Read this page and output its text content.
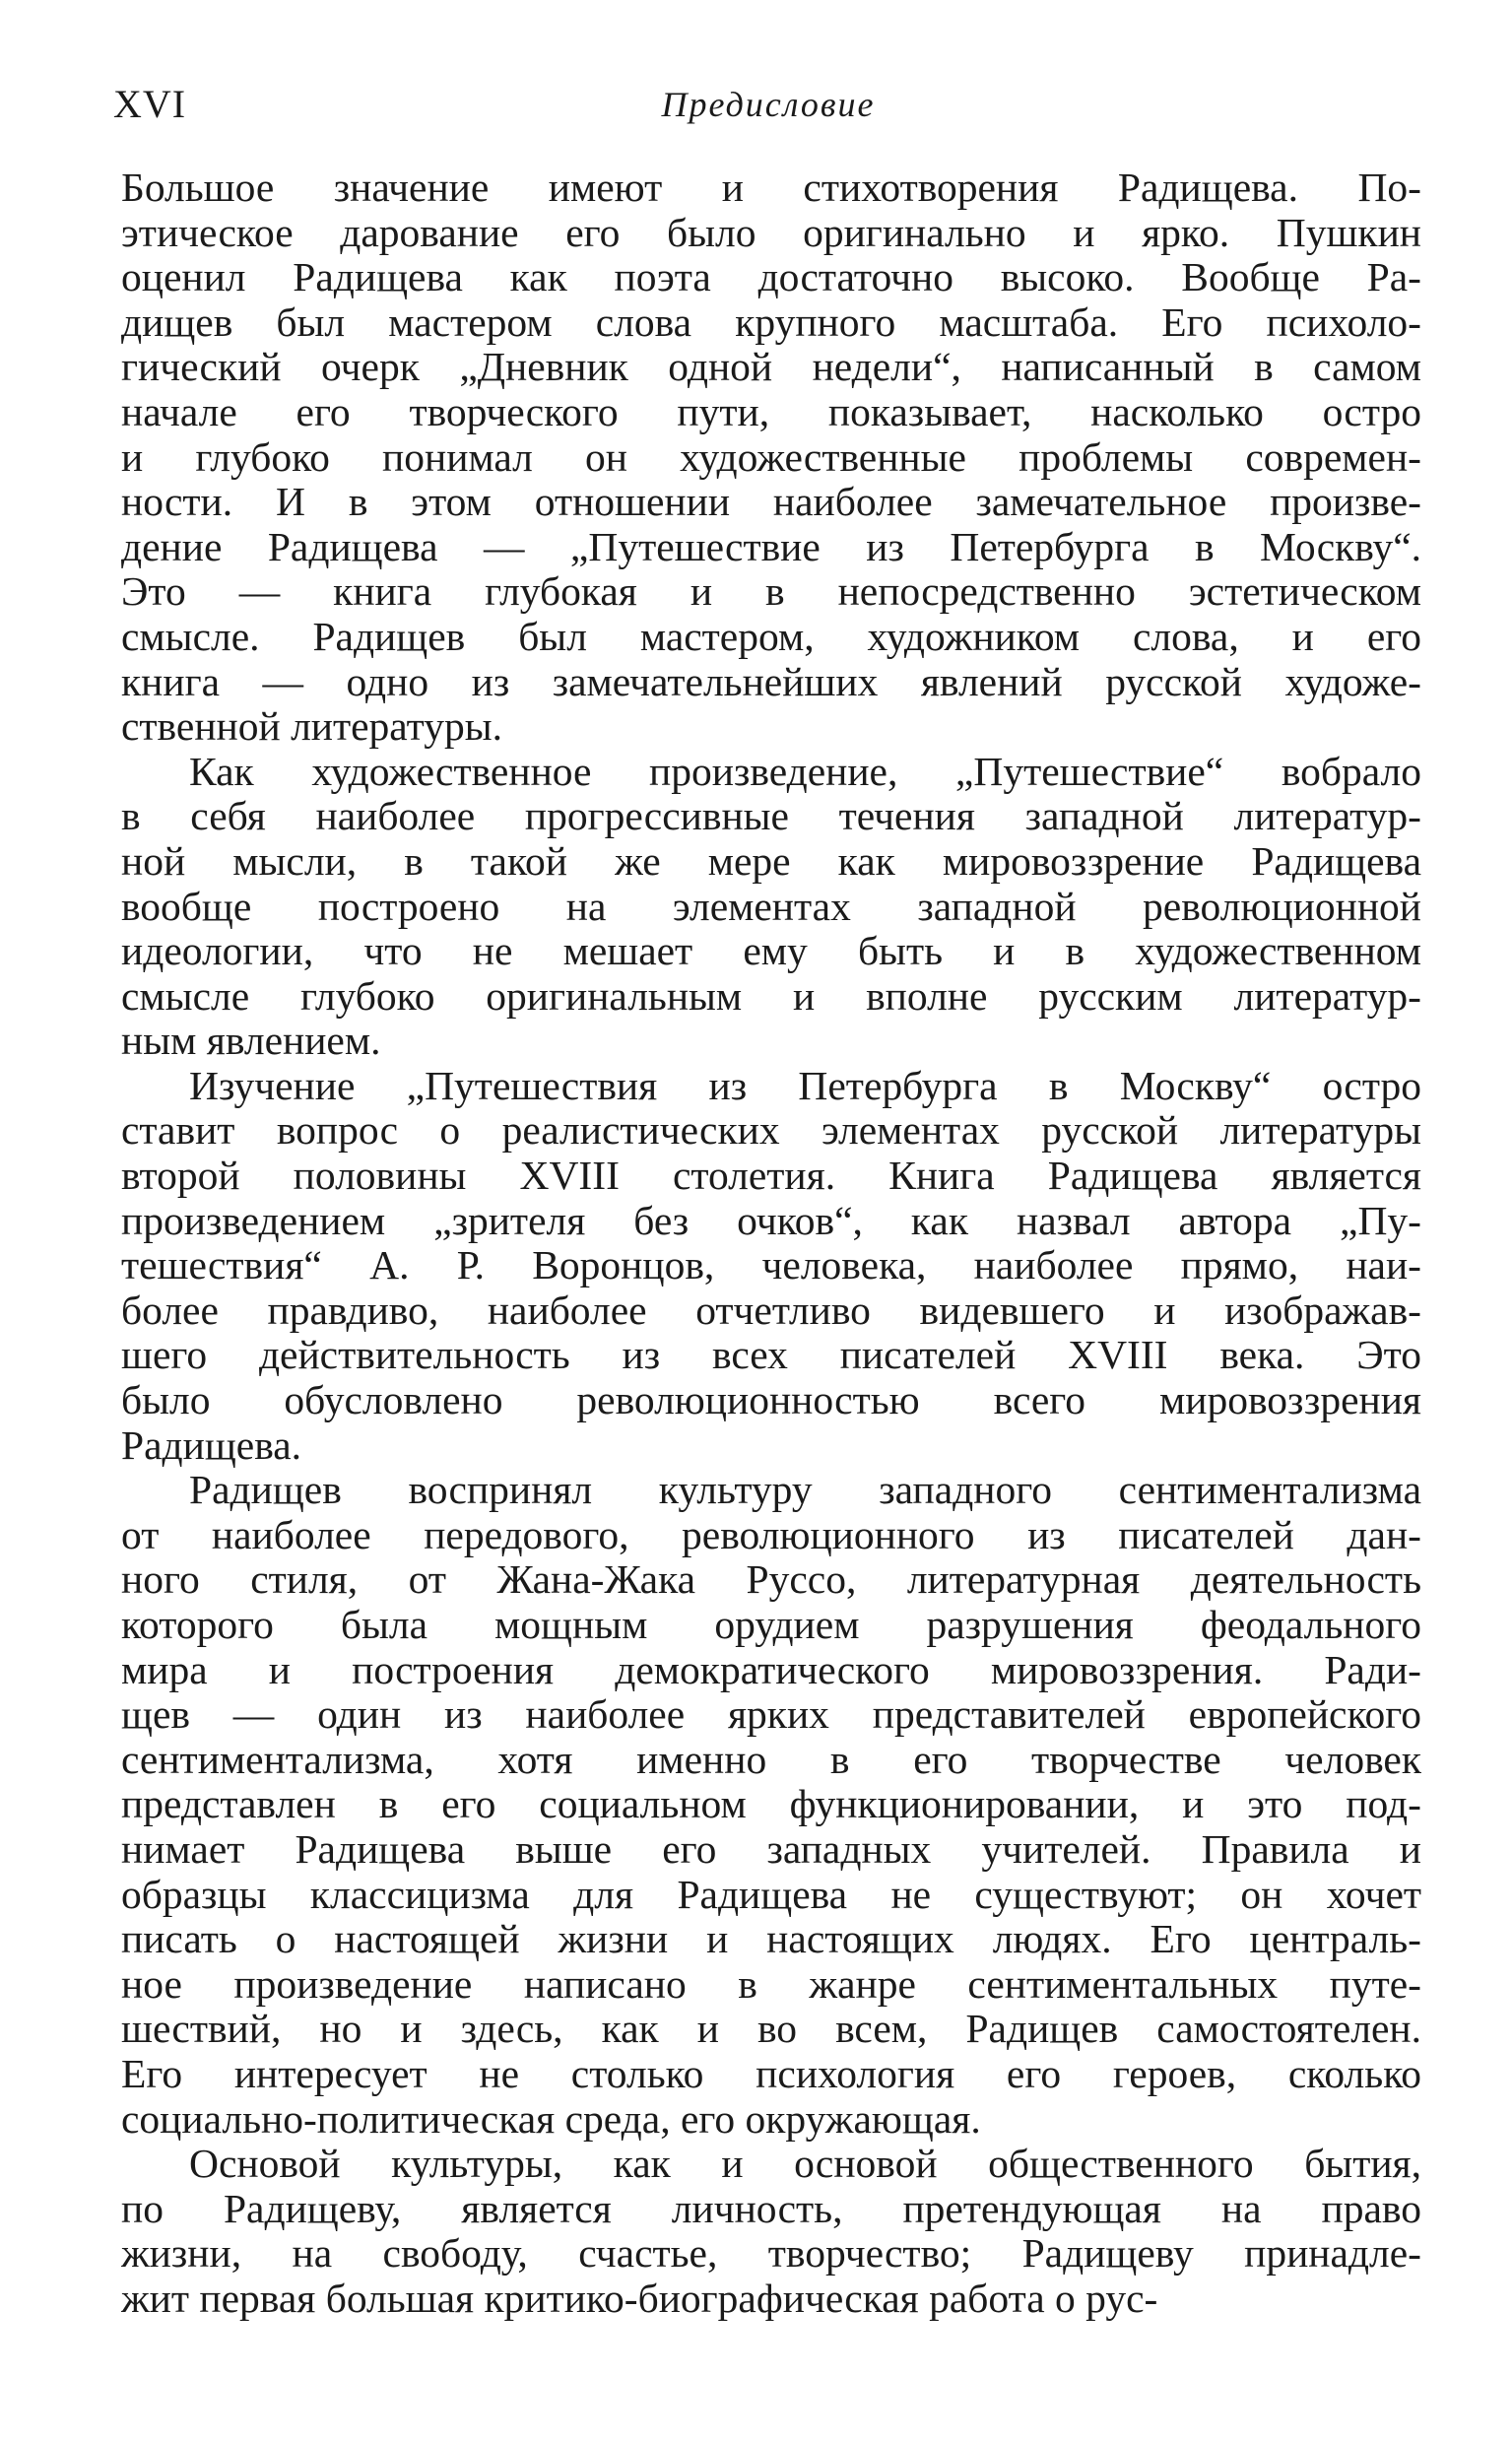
XVI	Предисловие
Большое значение имеют и стихотворения Радищева. По-
этическое дарование его было оригинально и ярко. Пушкин
оценил Радищева как поэта достаточно высоко. Вообще Ра-
дищев был мастером слова крупного масштаба. Его психоло-
гический очерк „Дневник одной недели“, написанный в самом
начале его творческого пути, показывает, насколько остро
и глубоко понимал он художественные проблемы современ-
ности. И в этом отношении наиболее замечательное произве-
дение Радищева — „Путешествие из Петербурга в Москву“.
Это — книга глубокая и в непосредственно эстетическом
смысле. Радищев был мастером, художником слова, и его
книга — одно из замечательнейших явлений русской художе-
ственной литературы.
Как художественное произведение, „Путешествие“ вобрало
в себя наиболее прогрессивные течения западной литератур-
ной мысли, в такой же мере как мировоззрение Радищева
вообще построено на элементах западной революционной
идеологии, что не мешает ему быть и в художественном
смысле глубоко оригинальным и вполне русским литератур-
ным явлением.
Изучение „Путешествия из Петербурга в Москву“ остро
ставит вопрос о реалистических элементах русской литературы
второй половины XVIII столетия. Книга Радищева является
произведением „зрителя без очков“, как назвал автора „Пу-
тешествия“ А. Р. Воронцов, человека, наиболее прямо, наи-
более правдиво, наиболее отчетливо видевшего и изображав-
шего действительность из всех писателей XVIII века. Это
было обусловлено революционностью всего мировоззрения
Радищева.
Радищев воспринял культуру западного сентиментализма
от наиболее передового, революционного из писателей дан-
ного стиля, от Жана-Жака Руссо, литературная деятельность
которого была мощным орудием разрушения феодального
мира и построения демократического мировоззрения. Ради-
щев — один из наиболее ярких представителей европейского
сентиментализма, хотя именно в его творчестве человек
представлен в его социальном функционировании, и это под-
нимает Радищева выше его западных учителей. Правила и
образцы классицизма для Радищева не существуют; он хочет
писать о настоящей жизни и настоящих людях. Его централь-
ное произведение написано в жанре сентиментальных путе-
шествий, но и здесь, как и во всем, Радищев самостоятелен.
Его интересует не столько психология его героев, сколько
социально-политическая среда, его окружающая.
Основой культуры, как и основой общественного бытия,
по Радищеву, является личность, претендующая на право
жизни, на свободу, счастье, творчество; Радищеву принадле-
жит первая большая критико-биографическая работа о рус-
